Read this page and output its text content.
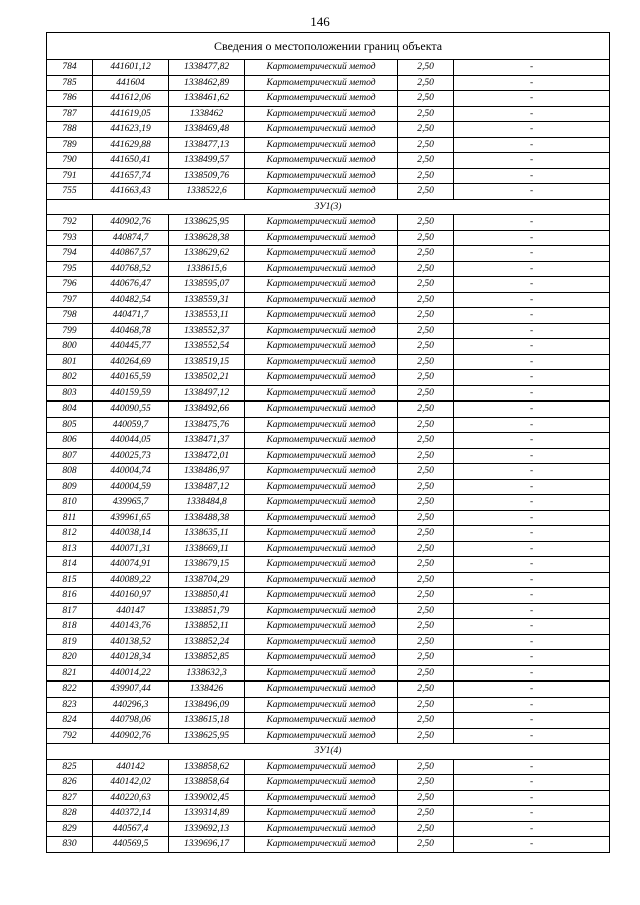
146
Сведения о местоположении границ объекта					
784	441601,12	1338477,82	Картометрический метод	2,50	-
785	441604	1338462,89	Картометрический метод	2,50	-
786	441612,06	1338461,62	Картометрический метод	2,50	-
787	441619,05	1338462	Картометрический метод	2,50	-
788	441623,19	1338469,48	Картометрический метод	2,50	-
789	441629,88	1338477,13	Картометрический метод	2,50	-
790	441650,41	1338499,57	Картометрический метод	2,50	-
791	441657,74	1338509,76	Картометрический метод	2,50	-
755	441663,43	1338522,6	Картометрический метод	2,50	-
ЗУ1(3)					
792	440902,76	1338625,95	Картометрический метод	2,50	-
793	440874,7	1338628,38	Картометрический метод	2,50	-
794	440867,57	1338629,62	Картометрический метод	2,50	-
795	440768,52	1338615,6	Картометрический метод	2,50	-
796	440676,47	1338595,07	Картометрический метод	2,50	-
797	440482,54	1338559,31	Картометрический метод	2,50	-
798	440471,7	1338553,11	Картометрический метод	2,50	-
799	440468,78	1338552,37	Картометрический метод	2,50	-
800	440445,77	1338552,54	Картометрический метод	2,50	-
801	440264,69	1338519,15	Картометрический метод	2,50	-
802	440165,59	1338502,21	Картометрический метод	2,50	-
803	440159,59	1338497,12	Картометрический метод	2,50	-
804	440090,55	1338492,66	Картометрический метод	2,50	-
805	440059,7	1338475,76	Картометрический метод	2,50	-
806	440044,05	1338471,37	Картометрический метод	2,50	-
807	440025,73	1338472,01	Картометрический метод	2,50	-
808	440004,74	1338486,97	Картометрический метод	2,50	-
809	440004,59	1338487,12	Картометрический метод	2,50	-
810	439965,7	1338484,8	Картометрический метод	2,50	-
811	439961,65	1338488,38	Картометрический метод	2,50	-
812	440038,14	1338635,11	Картометрический метод	2,50	-
813	440071,31	1338669,11	Картометрический метод	2,50	-
814	440074,91	1338679,15	Картометрический метод	2,50	-
815	440089,22	1338704,29	Картометрический метод	2,50	-
816	440160,97	1338850,41	Картометрический метод	2,50	-
817	440147	1338851,79	Картометрический метод	2,50	-
818	440143,76	1338852,11	Картометрический метод	2,50	-
819	440138,52	1338852,24	Картометрический метод	2,50	-
820	440128,34	1338852,85	Картометрический метод	2,50	-
821	440014,22	1338632,3	Картометрический метод	2,50	-
822	439907,44	1338426	Картометрический метод	2,50	-
823	440296,3	1338496,09	Картометрический метод	2,50	-
824	440798,06	1338615,18	Картометрический метод	2,50	-
792	440902,76	1338625,95	Картометрический метод	2,50	-
ЗУ1(4)					
825	440142	1338858,62	Картометрический метод	2,50	-
826	440142,02	1338858,64	Картометрический метод	2,50	-
827	440220,63	1339002,45	Картометрический метод	2,50	-
828	440372,14	1339314,89	Картометрический метод	2,50	-
829	440567,4	1339692,13	Картометрический метод	2,50	-
830	440569,5	1339696,17	Картометрический метод	2,50	-
